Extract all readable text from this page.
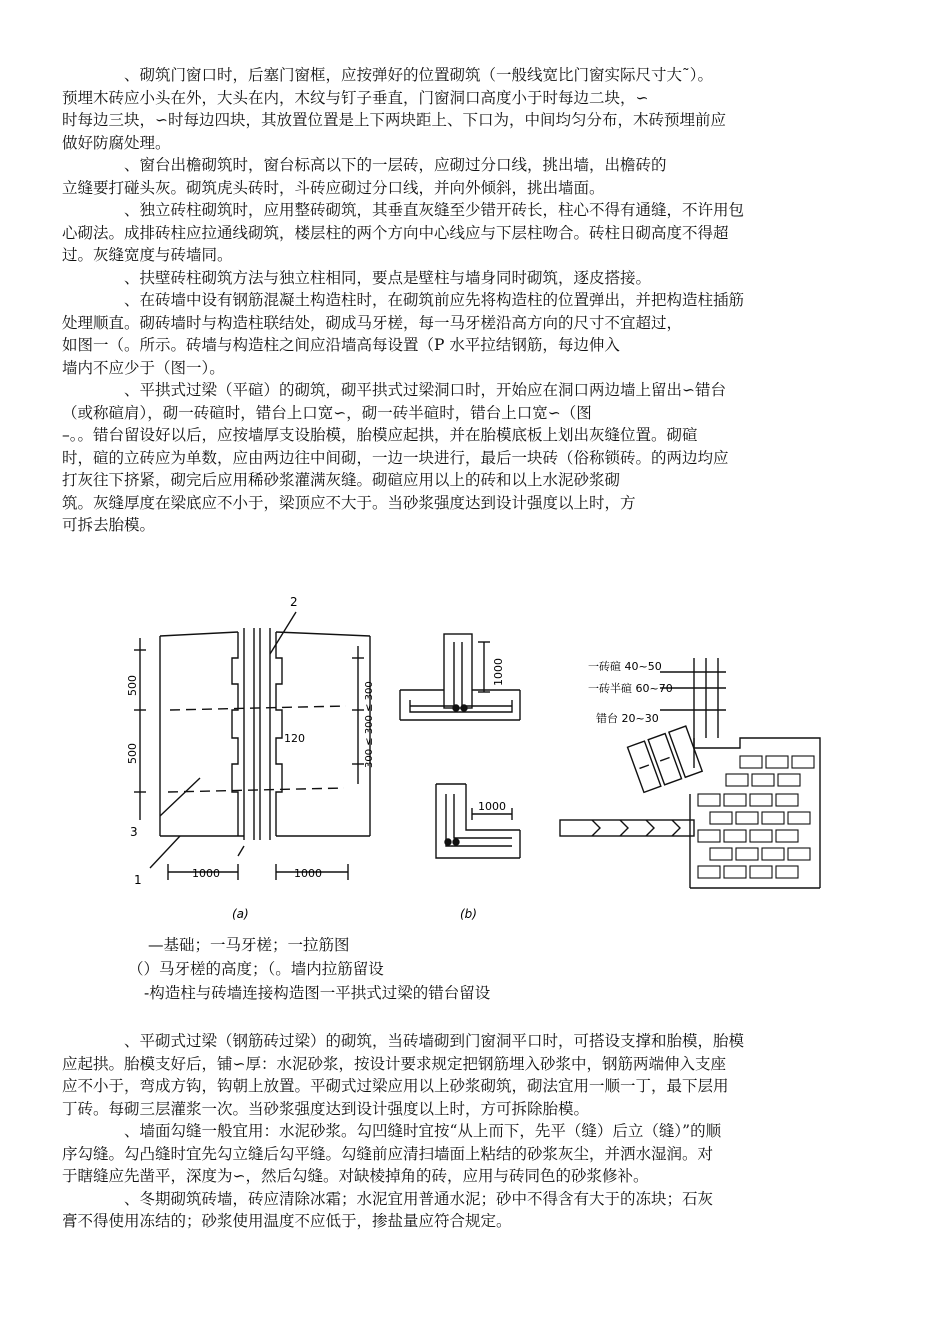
、砌筑门窗口时，后塞门窗框，应按弹好的位置砌筑（一般线宽比门窗实际尺寸大˜）。
预埋木砖应小头在外，大头在内，木纹与钉子垂直，门窗洞口高度小于时每边二块，∽
时每边三块，∽时每边四块，其放置位置是上下两块距上、下口为，中间均匀分布，木砖预埋前应
做好防腐处理。
、窗台出檐砌筑时，窗台标高以下的一层砖，应砌过分口线，挑出墙，出檐砖的
立缝要打碰头灰。砌筑虎头砖时，斗砖应砌过分口线，并向外倾斜，挑出墙面。
、独立砖柱砌筑时，应用整砖砌筑，其垂直灰缝至少错开砖长，柱心不得有通缝，不许用包
心砌法。成排砖柱应拉通线砌筑，楼层柱的两个方向中心线应与下层柱吻合。砖柱日砌高度不得超
过。灰缝宽度与砖墙同。
、扶壁砖柱砌筑方法与独立柱相同，要点是壁柱与墙身同时砌筑，逐皮搭接。
、在砖墙中设有钢筋混凝土构造柱时，在砌筑前应先将构造柱的位置弹出，并把构造柱插筋
处理顺直。砌砖墙时与构造柱联结处，砌成马牙槎，每一马牙槎沿高方向的尺寸不宜超过，
如图一（。所示。砖墙与构造柱之间应沿墙高每设置（P 水平拉结钢筋，每边伸入
墙内不应少于（图一）。
、平拱式过梁（平碹）的砌筑，砌平拱式过梁洞口时，开始应在洞口两边墙上留出∽错台
（或称碹肩），砌一砖碹时，错台上口宽∽，砌一砖半碹时，错台上口宽∽（图
–。。错台留设好以后，应按墙厚支设胎模，胎模应起拱，并在胎模底板上划出灰缝位置。砌碹
时，碹的立砖应为单数，应由两边往中间砌，一边一块进行，最后一块砖（俗称锁砖。的两边均应
打灰往下挤紧，砌完后应用稀砂浆灌满灰缝。砌碹应用以上的砖和以上水泥砂浆砌
筑。灰缝厚度在梁底应不小于，梁顶应不大于。当砂浆强度达到设计强度以上时，方
可拆去胎模。
2
3
1
500
500	300 ≤ 300 ≤ 300
120
1000	1000
(a)
1000
1000
(b)
一砖碹 40~50
一砖半碹 60~70
错台 20~30
—基础；一马牙槎；一拉筋图
（）马牙槎的高度；（。墙内拉筋留设
-构造柱与砖墙连接构造图一平拱式过梁的错台留设
、平砌式过梁（钢筋砖过梁）的砌筑，当砖墙砌到门窗洞平口时，可搭设支撑和胎模，胎模
应起拱。胎模支好后，铺∽厚：水泥砂浆，按设计要求规定把钢筋埋入砂浆中，钢筋两端伸入支座
应不小于，弯成方钩，钩朝上放置。平砌式过梁应用以上砂浆砌筑，砌法宜用一顺一丁，最下层用
丁砖。每砌三层灌浆一次。当砂浆强度达到设计强度以上时，方可拆除胎模。
、墙面勾缝一般宜用：水泥砂浆。勾凹缝时宜按“从上而下，先平（缝）后立（缝）”的顺
序勾缝。勾凸缝时宜先勾立缝后勾平缝。勾缝前应清扫墙面上粘结的砂浆灰尘，并洒水湿润。对
于瞎缝应先凿平，深度为∽，然后勾缝。对缺棱掉角的砖，应用与砖同色的砂浆修补。
、冬期砌筑砖墙，砖应清除冰霜；水泥宜用普通水泥；砂中不得含有大于的冻块；石灰
膏不得使用冻结的；砂浆使用温度不应低于，掺盐量应符合规定。
